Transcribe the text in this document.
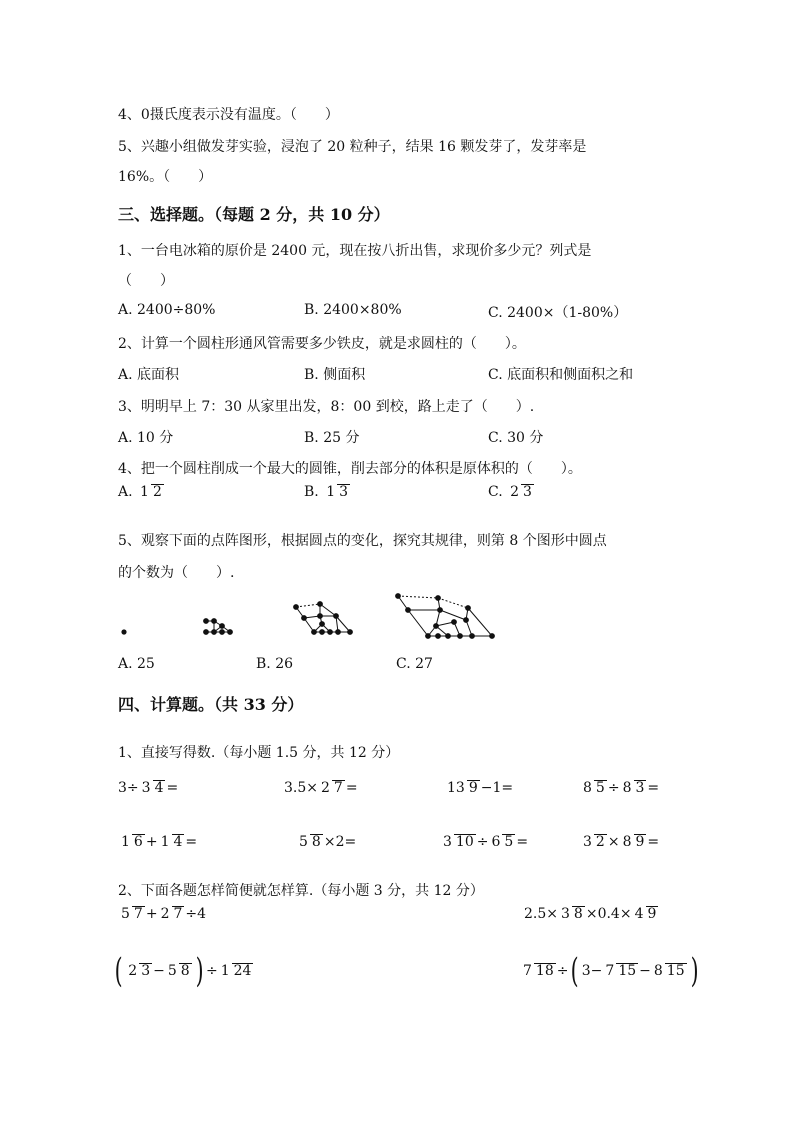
4、0摄氏度表示没有温度。（　　）
5、兴趣小组做发芽实验，浸泡了 20 粒种子，结果 16 颗发芽了，发芽率是
16%。（　　）
三、选择题。（每题 2 分，共 10 分）
1、一台电冰箱的原价是 2400 元，现在按八折出售，求现价多少元？列式是
（　　）
A. 2400÷80%	B. 2400×80%	C. 2400×（1-80%）
2、计算一个圆柱形通风管需要多少铁皮，就是求圆柱的（　　）。
A. 底面积	B. 侧面积	C. 底面积和侧面积之和
3、明明早上 7：30 从家里出发，8：00 到校，路上走了（　　）.
A. 10 分	B. 25 分	C. 30 分
4、把一个圆柱削成一个最大的圆锥，削去部分的体积是原体积的（　　）。
A.
1 2	B.
1 3	C.
2 3
5、观察下面的点阵图形，根据圆点的变化，探究其规律，则第 8 个图形中圆点
的个数为（　　）.
A. 25	B. 26	C. 27
四、计算题。（共 33 分）
1、直接写得数.（每小题 1.5 分，共 12 分）
3÷ 3 4 =	3.5× 2 7 =	13 9 −1=	8 5 ÷ 8 3 =
1 6 + 1 4 =	5 8 ×2=	3 10 ÷ 6 5 =	3 2 × 8 9 =
2、下面各题怎样简便就怎样算.（每小题 3 分，共 12 分）
5 7 + 2 7 ÷4	2.5× 3 8 ×0.4× 4 9
( 2 3 − 5 8 ) ÷ 1 24	7 18 ÷ ( 3− 7 15 − 8 15 )
